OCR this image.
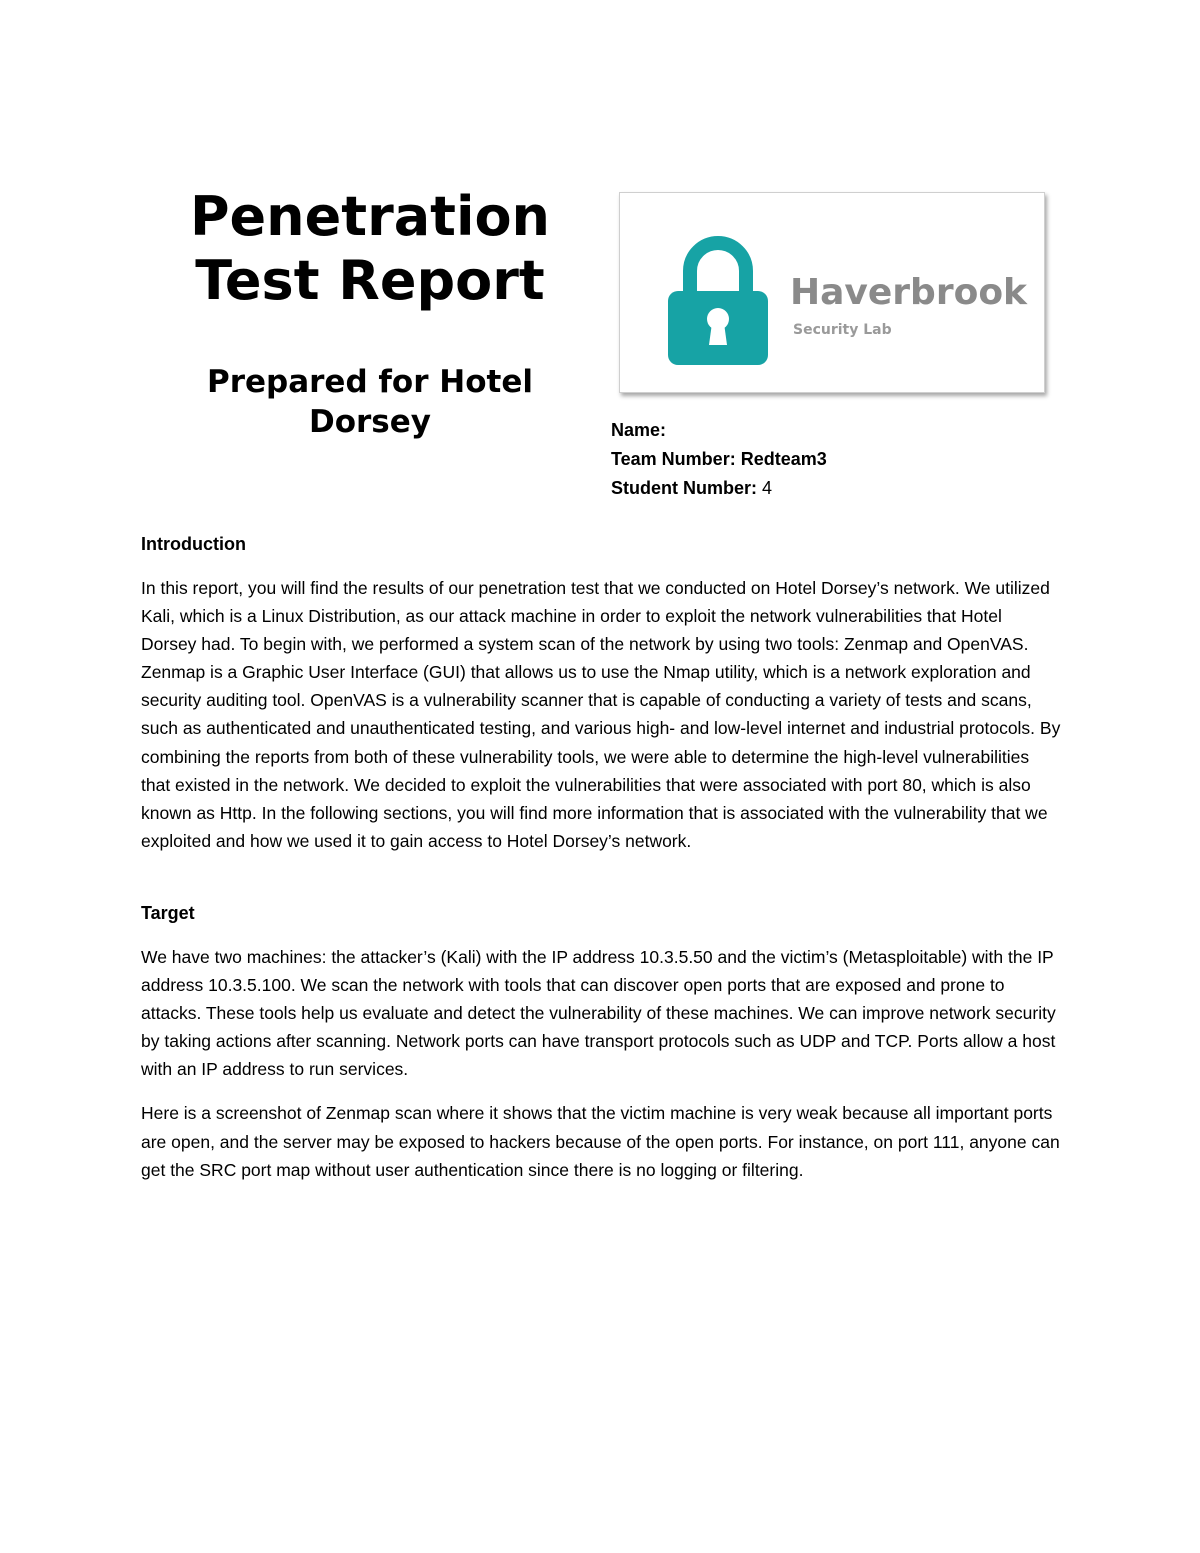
Penetration
Test Report
Prepared for Hotel
Dorsey
Haverbrook
Security Lab
Name:
Team Number: Redteam3
Student Number: 4
Introduction

In this report, you will find the results of our penetration test that we conducted on Hotel Dorsey’s network. We utilized Kali, which is a Linux Distribution, as our attack machine in order to exploit the network vulnerabilities that Hotel Dorsey had. To begin with, we performed a system scan of the network by using two tools: Zenmap and OpenVAS. Zenmap is a Graphic User Interface (GUI) that allows us to use the Nmap utility, which is a network exploration and security auditing tool. OpenVAS is a vulnerability scanner that is capable of conducting a variety of tests and scans, such as authenticated and unauthenticated testing, and various high- and low-level internet and industrial protocols. By combining the reports from both of these vulnerability tools, we were able to determine the high-level vulnerabilities that existed in the network. We decided to exploit the vulnerabilities that were associated with port 80, which is also known as Http. In the following sections, you will find more information that is associated with the vulnerability that we exploited and how we used it to gain access to Hotel Dorsey’s network.

Target

We have two machines: the attacker’s (Kali) with the IP address 10.3.5.50 and the victim’s (Metasploitable) with the IP address 10.3.5.100. We scan the network with tools that can discover open ports that are exposed and prone to attacks. These tools help us evaluate and detect the vulnerability of these machines. We can improve network security by taking actions after scanning. Network ports can have transport protocols such as UDP and TCP. Ports allow a host with an IP address to run services.

Here is a screenshot of Zenmap scan where it shows that the victim machine is very weak because all important ports are open, and the server may be exposed to hackers because of the open ports. For instance, on port 111, anyone can get the SRC port map without user authentication since there is no logging or filtering.
